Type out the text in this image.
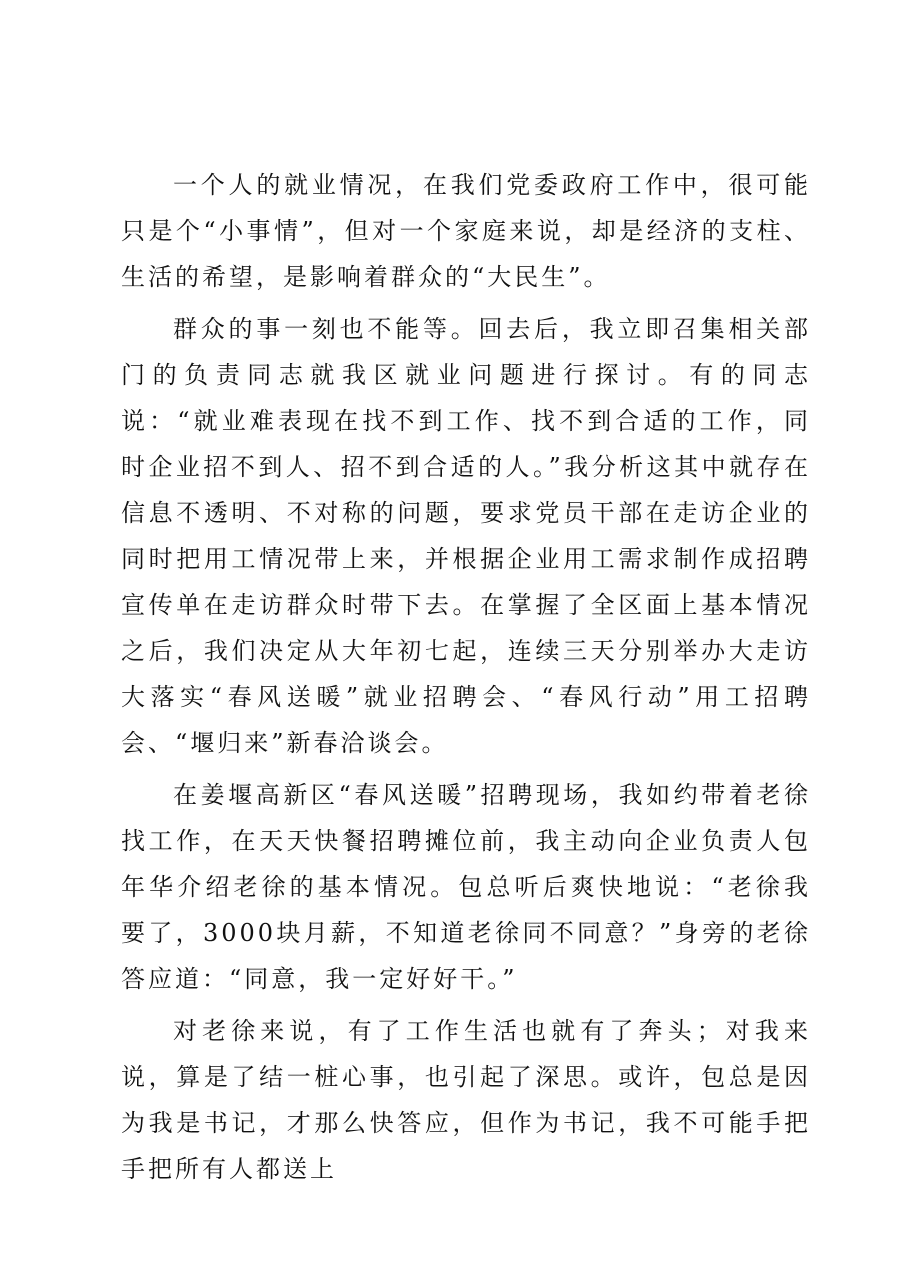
一个人的就业情况，在我们党委政府工作中，很可能只是个“小事情”，但对一个家庭来说，却是经济的支柱、生活的希望，是影响着群众的“大民生”。

群众的事一刻也不能等。回去后，我立即召集相关部门的负责同志就我区就业问题进行探讨。有的同志说：“就业难表现在找不到工作、找不到合适的工作，同时企业招不到人、招不到合适的人。”我分析这其中就存在信息不透明、不对称的问题，要求党员干部在走访企业的同时把用工情况带上来，并根据企业用工需求制作成招聘宣传单在走访群众时带下去。在掌握了全区面上基本情况之后，我们决定从大年初七起，连续三天分别举办大走访大落实“春风送暖”就业招聘会、“春风行动”用工招聘会、“堰归来”新春洽谈会。

在姜堰高新区“春风送暖”招聘现场，我如约带着老徐找工作，在天天快餐招聘摊位前，我主动向企业负责人包年华介绍老徐的基本情况。包总听后爽快地说：“老徐我要了，3000块月薪，不知道老徐同不同意？”身旁的老徐答应道：“同意，我一定好好干。”

对老徐来说，有了工作生活也就有了奔头；对我来说，算是了结一桩心事，也引起了深思。或许，包总是因为我是书记，才那么快答应，但作为书记，我不可能手把手把所有人都送上
